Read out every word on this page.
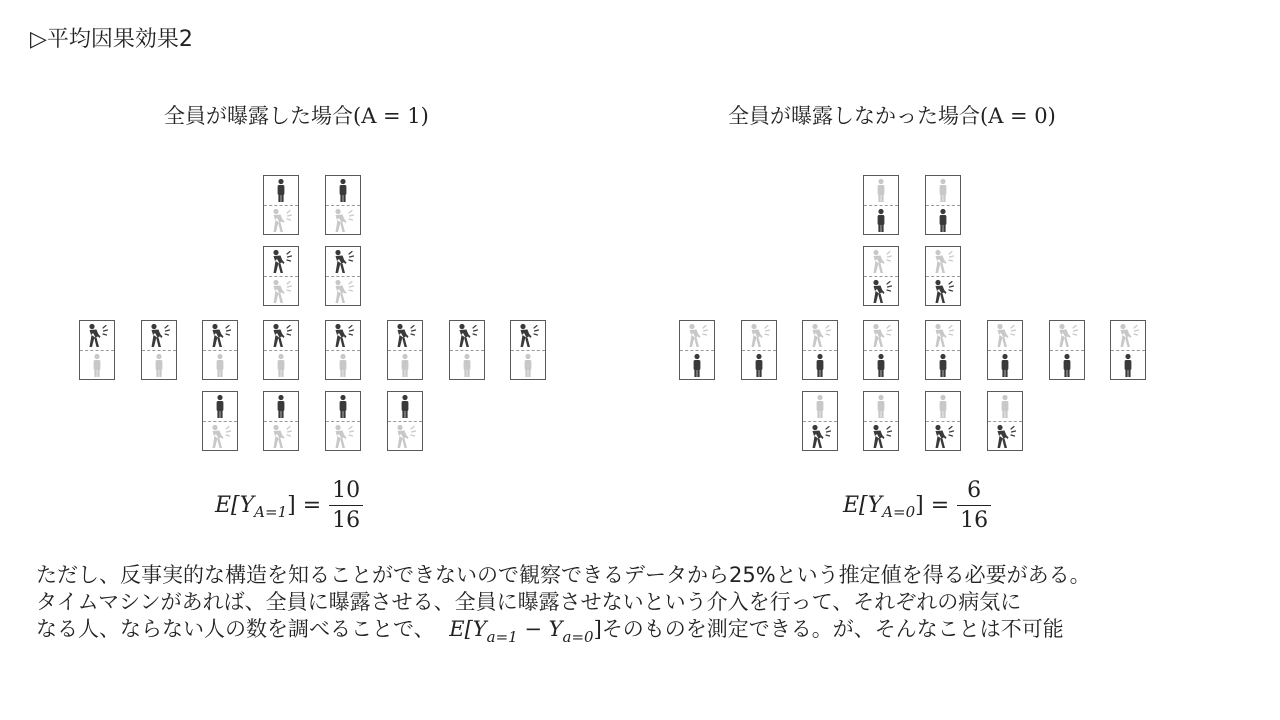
▷平均因果効果2
全員が曝露した場合(A = 1)	全員が曝露しなかった場合(A = 0)
E[Y A=1 ] = $\frac{10}{16}$	E[Y A=0 ] = $\frac{6}{16}$
ただし、反事実的な構造を知ることができないので観察できるデータから25%という推定値を得る必要がある。
タイムマシンがあれば、全員に曝露させる、全員に曝露させないという介入を行って、それぞれの病気に
なる人、ならない人の数を調べることで、 $E[Y_{a=1} - Y_{a=0}]$そのものを測定できる。が、そんなことは不可能
